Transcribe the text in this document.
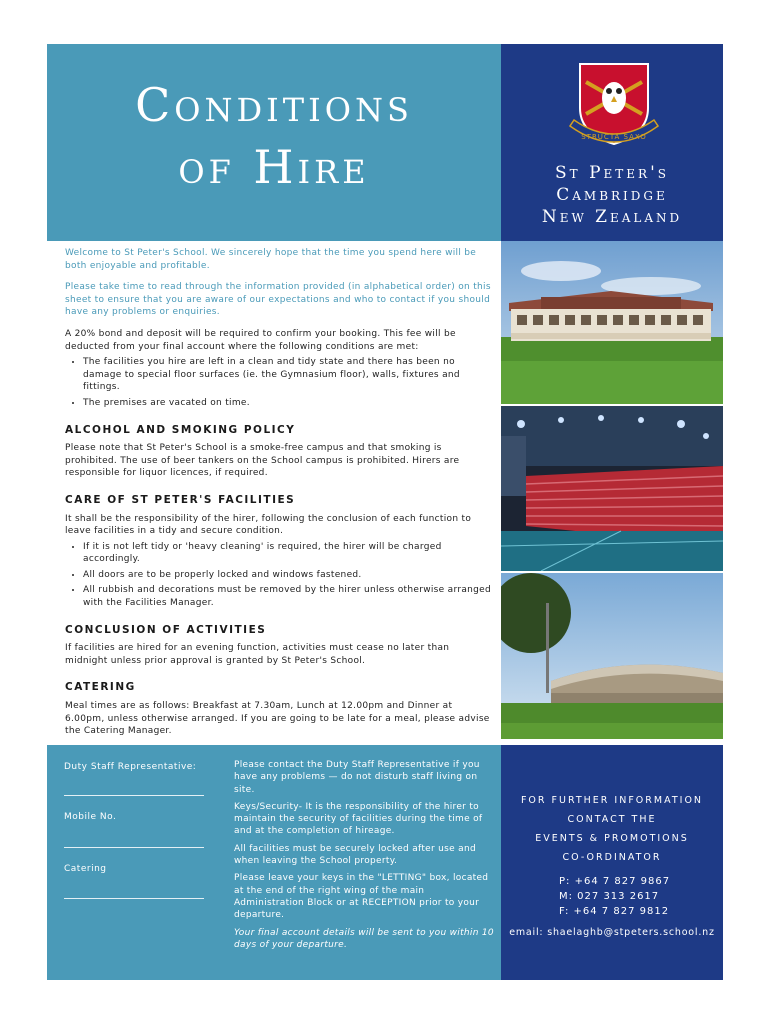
Conditions
of Hire
STRUCTA SAXO
St Peter's
Cambridge
New Zealand

Welcome to St Peter's School. We sincerely hope that the time you spend here will be both enjoyable and profitable.

Please take time to read through the information provided (in alphabetical order) on this sheet to ensure that you are aware of our expectations and who to contact if you should have any problems or enquiries.

A 20% bond and deposit will be required to confirm your booking. This fee will be deducted from your final account where the following conditions are met:

• The facilities you hire are left in a clean and tidy state and there has been no damage to special floor surfaces (ie. the Gymnasium floor), walls, fixtures and fittings.
• The premises are vacated on time.
ALCOHOL AND SMOKING POLICY

Please note that St Peter's School is a smoke-free campus and that smoking is prohibited. The use of beer tankers on the School campus is prohibited. Hirers are responsible for liquor licences, if required.

CARE OF ST PETER'S FACILITIES

It shall be the responsibility of the hirer, following the conclusion of each function to leave facilities in a tidy and secure condition.

• If it is not left tidy or 'heavy cleaning' is required, the hirer will be charged accordingly.
• All doors are to be properly locked and windows fastened.
• All rubbish and decorations must be removed by the hirer unless otherwise arranged with the Facilities Manager.
CONCLUSION OF ACTIVITIES

If facilities are hired for an evening function, activities must cease no later than midnight unless prior approval is granted by St Peter's School.

CATERING

Meal times are as follows: Breakfast at 7.30am, Lunch at 12.00pm and Dinner at 6.00pm, unless otherwise arranged. If you are going to be late for a meal, please advise the Catering Manager.

Duty Staff Representative:
Mobile No.
Catering

Please contact the Duty Staff Representative if you have any problems — do not disturb staff living on site.

Keys/Security- It is the responsibility of the hirer to maintain the security of facilities during the time of and at the completion of hireage.

All facilities must be securely locked after use and when leaving the School property.

Please leave your keys in the "LETTING" box, located at the end of the right wing of the main Administration Block or at RECEPTION prior to your departure.

Your final account details will be sent to you within 10 days of your departure.

FOR FURTHER INFORMATION
CONTACT THE
EVENTS & PROMOTIONS
CO-ORDINATOR
P: +64 7 827 9867
M: 027 313 2617
F: +64 7 827 9812
email: shaelaghb@stpeters.school.nz
